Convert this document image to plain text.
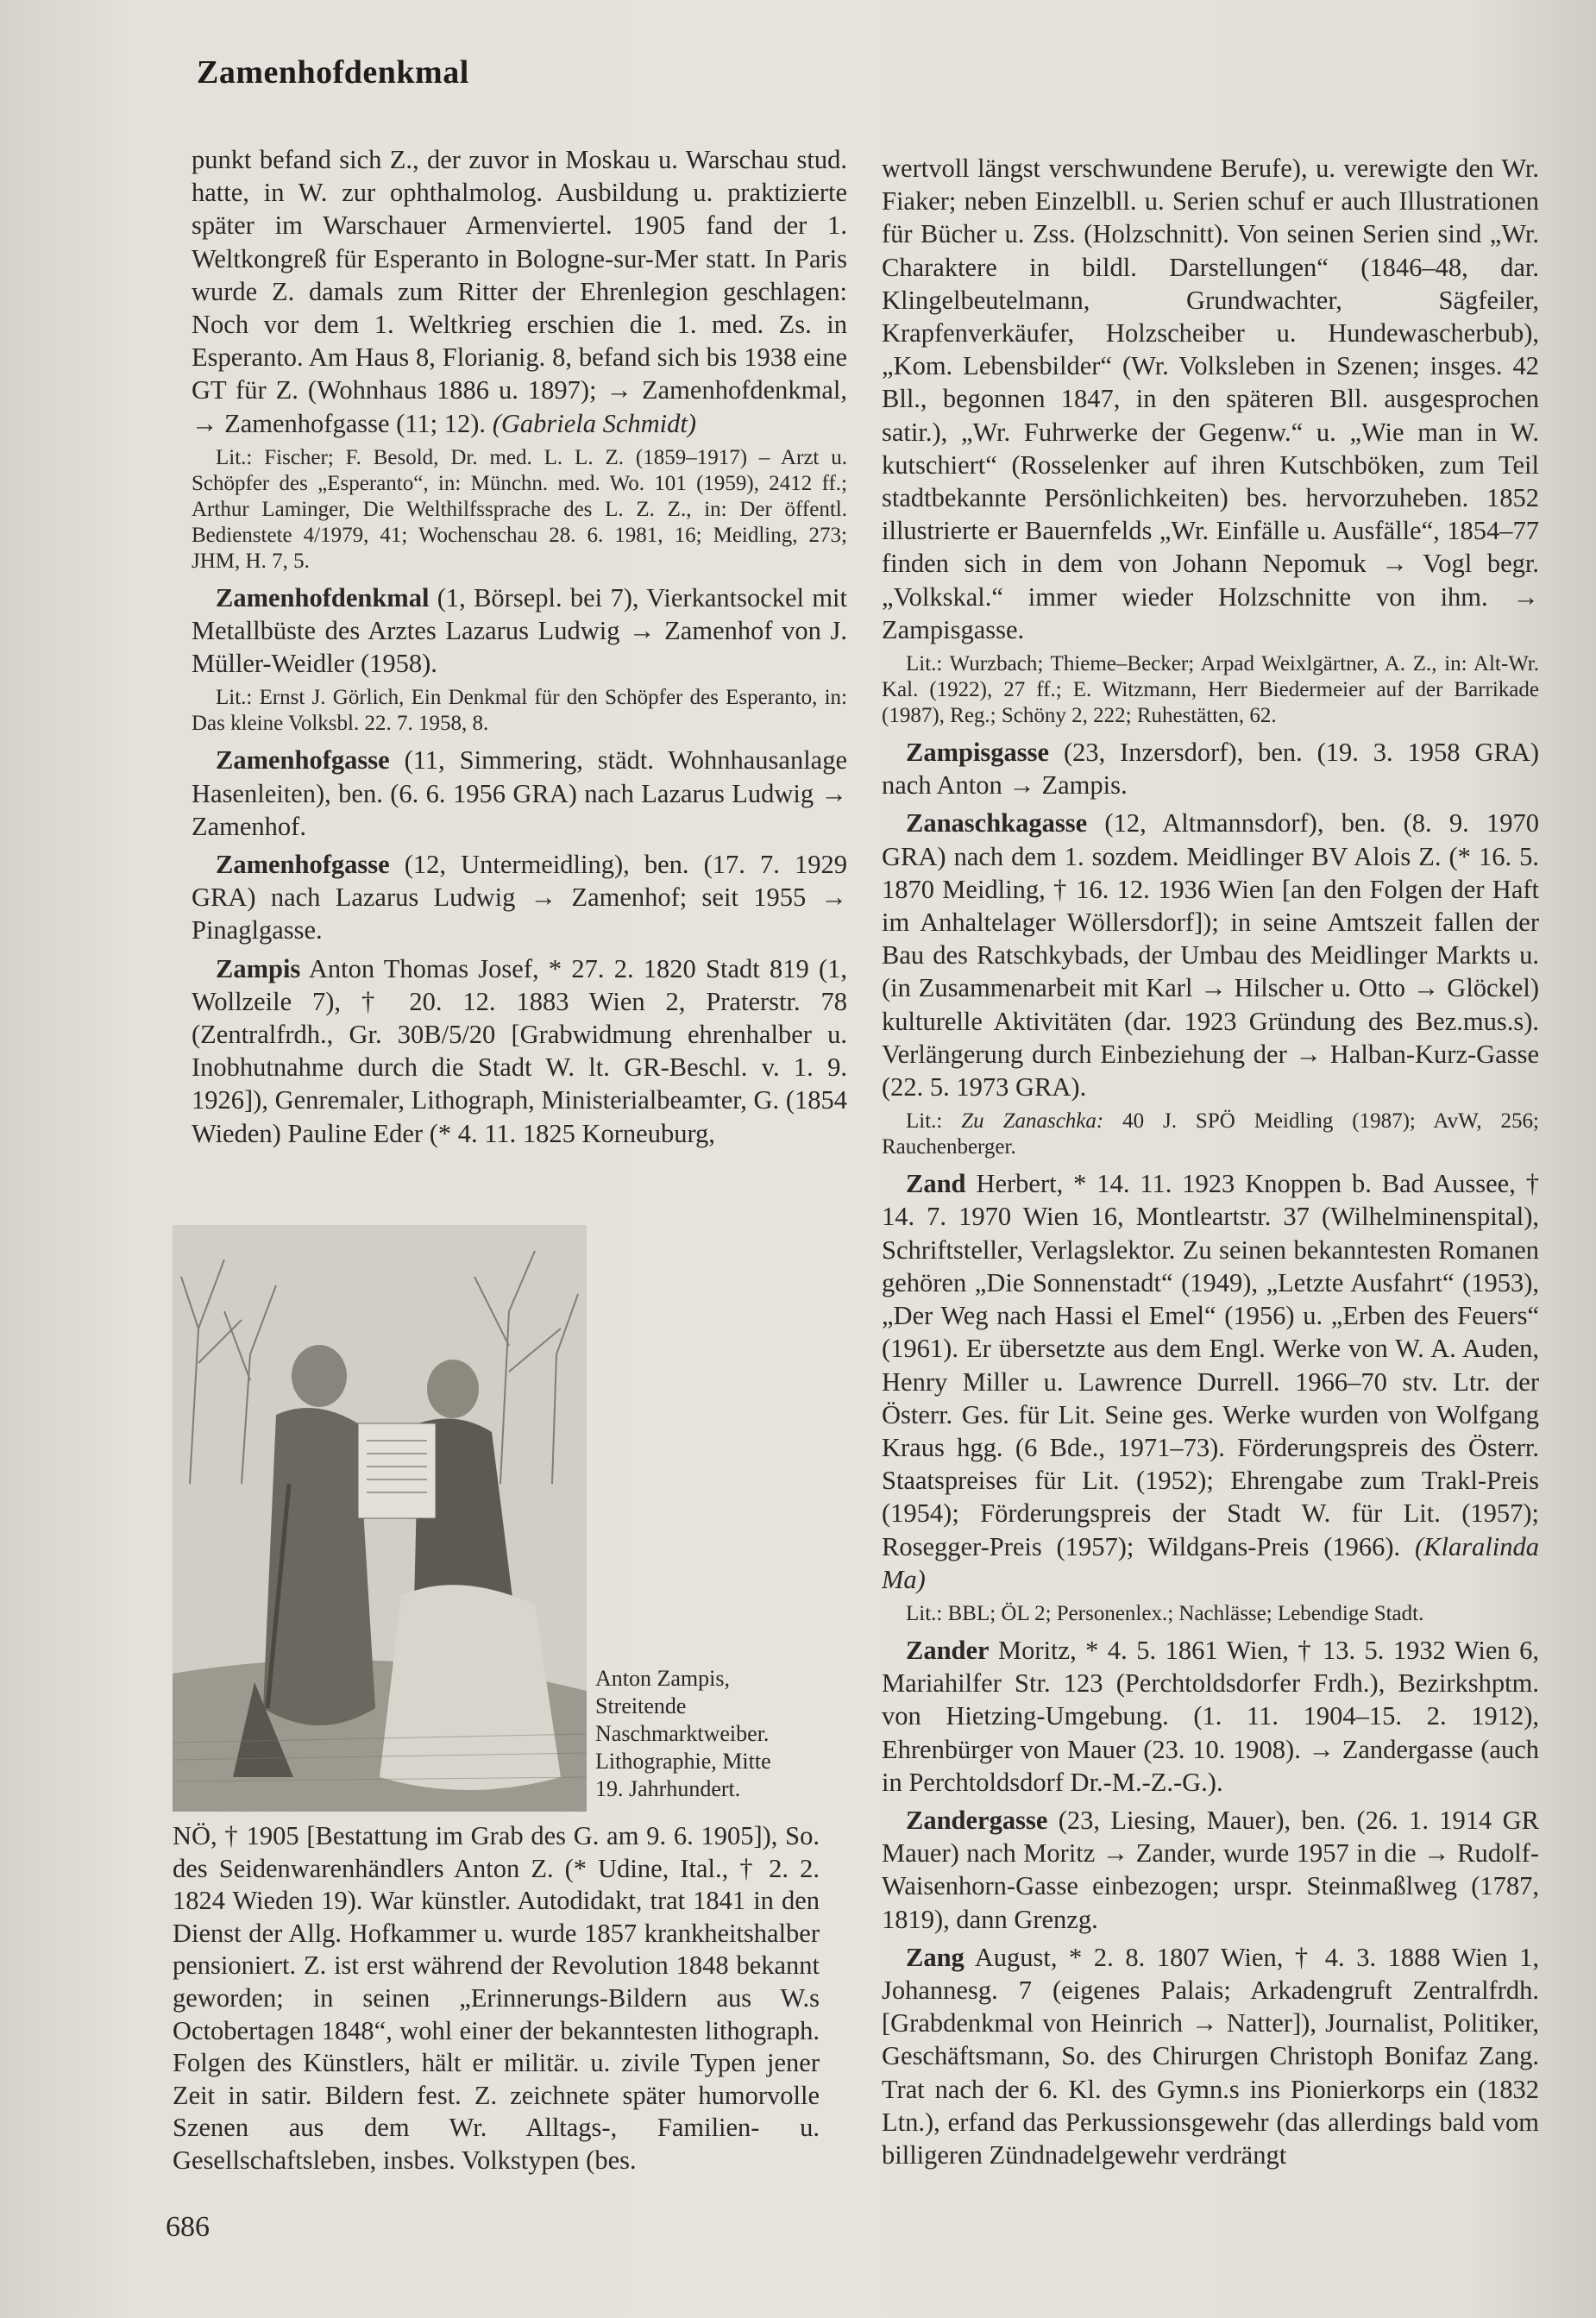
Zamenhofdenkmal

punkt befand sich Z., der zuvor in Moskau u. Warschau stud. hatte, in W. zur ophthalmolog. Ausbildung u. praktizierte später im Warschauer Armenviertel. 1905 fand der 1. Weltkongreß für Esperanto in Bologne-sur-Mer statt. In Paris wurde Z. damals zum Ritter der Ehrenlegion geschlagen: Noch vor dem 1. Weltkrieg erschien die 1. med. Zs. in Esperanto. Am Haus 8, Florianig. 8, befand sich bis 1938 eine GT für Z. (Wohnhaus 1886 u. 1897); → Zamenhofdenkmal, → Zamenhofgasse (11; 12). (Gabriela Schmidt)

Lit.: Fischer; F. Besold, Dr. med. L. L. Z. (1859–1917) – Arzt u. Schöpfer des „Esperanto“, in: Münchn. med. Wo. 101 (1959), 2412 ff.; Arthur Laminger, Die Welthilfssprache des L. Z. Z., in: Der öffentl. Bedienstete 4/1979, 41; Wochenschau 28. 6. 1981, 16; Meidling, 273; JHM, H. 7, 5.

Zamenhofdenkmal (1, Börsepl. bei 7), Vierkantsockel mit Metallbüste des Arztes Lazarus Ludwig → Zamenhof von J. Müller-Weidler (1958).

Lit.: Ernst J. Görlich, Ein Denkmal für den Schöpfer des Esperanto, in: Das kleine Volksbl. 22. 7. 1958, 8.

Zamenhofgasse (11, Simmering, städt. Wohnhausanlage Hasenleiten), ben. (6. 6. 1956 GRA) nach Lazarus Ludwig → Zamenhof.

Zamenhofgasse (12, Untermeidling), ben. (17. 7. 1929 GRA) nach Lazarus Ludwig → Zamenhof; seit 1955 → Pinaglgasse.

Zampis Anton Thomas Josef, * 27. 2. 1820 Stadt 819 (1, Wollzeile 7), † 20. 12. 1883 Wien 2, Praterstr. 78 (Zentralfrdh., Gr. 30B/5/20 [Grabwidmung ehrenhalber u. Inobhutnahme durch die Stadt W. lt. GR-Beschl. v. 1. 9. 1926]), Genremaler, Lithograph, Ministerialbeamter, G. (1854 Wieden) Pauline Eder (* 4. 11. 1825 Korneuburg,

Anton Zampis,
Streitende
Naschmarktweiber.
Lithographie, Mitte
19. Jahrhundert.

NÖ, † 1905 [Bestattung im Grab des G. am 9. 6. 1905]), So. des Seidenwarenhändlers Anton Z. (* Udine, Ital., † 2. 2. 1824 Wieden 19). War künstler. Autodidakt, trat 1841 in den Dienst der Allg. Hofkammer u. wurde 1857 krankheitshalber pensioniert. Z. ist erst während der Revolution 1848 bekannt geworden; in seinen „Erinnerungs-Bildern aus W.s Octobertagen 1848“, wohl einer der bekanntesten lithograph. Folgen des Künstlers, hält er militär. u. zivile Typen jener Zeit in satir. Bildern fest. Z. zeichnete später humorvolle Szenen aus dem Wr. Alltags-, Familien- u. Gesellschaftsleben, insbes. Volkstypen (bes.

wertvoll längst verschwundene Berufe), u. verewigte den Wr. Fiaker; neben Einzelbll. u. Serien schuf er auch Illustrationen für Bücher u. Zss. (Holzschnitt). Von seinen Serien sind „Wr. Charaktere in bildl. Darstellungen“ (1846–48, dar. Klingelbeutelmann, Grundwachter, Sägfeiler, Krapfenverkäufer, Holzscheiber u. Hundewascherbub), „Kom. Lebensbilder“ (Wr. Volksleben in Szenen; insges. 42 Bll., begonnen 1847, in den späteren Bll. ausgesprochen satir.), „Wr. Fuhrwerke der Gegenw.“ u. „Wie man in W. kutschiert“ (Rosselenker auf ihren Kutschböken, zum Teil stadtbekannte Persönlichkeiten) bes. hervorzuheben. 1852 illustrierte er Bauernfelds „Wr. Einfälle u. Ausfälle“, 1854–77 finden sich in dem von Johann Nepomuk → Vogl begr. „Volkskal.“ immer wieder Holzschnitte von ihm. → Zampisgasse.

Lit.: Wurzbach; Thieme–Becker; Arpad Weixlgärtner, A. Z., in: Alt-Wr. Kal. (1922), 27 ff.; E. Witzmann, Herr Biedermeier auf der Barrikade (1987), Reg.; Schöny 2, 222; Ruhestätten, 62.

Zampisgasse (23, Inzersdorf), ben. (19. 3. 1958 GRA) nach Anton → Zampis.

Zanaschkagasse (12, Altmannsdorf), ben. (8. 9. 1970 GRA) nach dem 1. sozdem. Meidlinger BV Alois Z. (* 16. 5. 1870 Meidling, † 16. 12. 1936 Wien [an den Folgen der Haft im Anhaltelager Wöllersdorf]); in seine Amtszeit fallen der Bau des Ratschkybads, der Umbau des Meidlinger Markts u. (in Zusammenarbeit mit Karl → Hilscher u. Otto → Glöckel) kulturelle Aktivitäten (dar. 1923 Gründung des Bez.mus.s). Verlängerung durch Einbeziehung der → Halban-Kurz-Gasse (22. 5. 1973 GRA).

Lit.: Zu Zanaschka: 40 J. SPÖ Meidling (1987); AvW, 256; Rauchenberger.

Zand Herbert, * 14. 11. 1923 Knoppen b. Bad Aussee, † 14. 7. 1970 Wien 16, Montleartstr. 37 (Wilhelminenspital), Schriftsteller, Verlagslektor. Zu seinen bekanntesten Romanen gehören „Die Sonnenstadt“ (1949), „Letzte Ausfahrt“ (1953), „Der Weg nach Hassi el Emel“ (1956) u. „Erben des Feuers“ (1961). Er übersetzte aus dem Engl. Werke von W. A. Auden, Henry Miller u. Lawrence Durrell. 1966–70 stv. Ltr. der Österr. Ges. für Lit. Seine ges. Werke wurden von Wolfgang Kraus hgg. (6 Bde., 1971–73). Förderungspreis des Österr. Staatspreises für Lit. (1952); Ehrengabe zum Trakl-Preis (1954); Förderungspreis der Stadt W. für Lit. (1957); Rosegger-Preis (1957); Wildgans-Preis (1966). (Klaralinda Ma)

Lit.: BBL; ÖL 2; Personenlex.; Nachlässe; Lebendige Stadt.

Zander Moritz, * 4. 5. 1861 Wien, † 13. 5. 1932 Wien 6, Mariahilfer Str. 123 (Perchtoldsdorfer Frdh.), Bezirkshptm. von Hietzing-Umgebung. (1. 11. 1904–15. 2. 1912), Ehrenbürger von Mauer (23. 10. 1908). → Zandergasse (auch in Perchtoldsdorf Dr.-M.-Z.-G.).

Zandergasse (23, Liesing, Mauer), ben. (26. 1. 1914 GR Mauer) nach Moritz → Zander, wurde 1957 in die → Rudolf-Waisenhorn-Gasse einbezogen; urspr. Steinmaßlweg (1787, 1819), dann Grenzg.

Zang August, * 2. 8. 1807 Wien, † 4. 3. 1888 Wien 1, Johannesg. 7 (eigenes Palais; Arkadengruft Zentralfrdh. [Grabdenkmal von Heinrich → Natter]), Journalist, Politiker, Geschäftsmann, So. des Chirurgen Christoph Bonifaz Zang. Trat nach der 6. Kl. des Gymn.s ins Pionierkorps ein (1832 Ltn.), erfand das Perkussionsgewehr (das allerdings bald vom billigeren Zündnadelgewehr verdrängt

686
